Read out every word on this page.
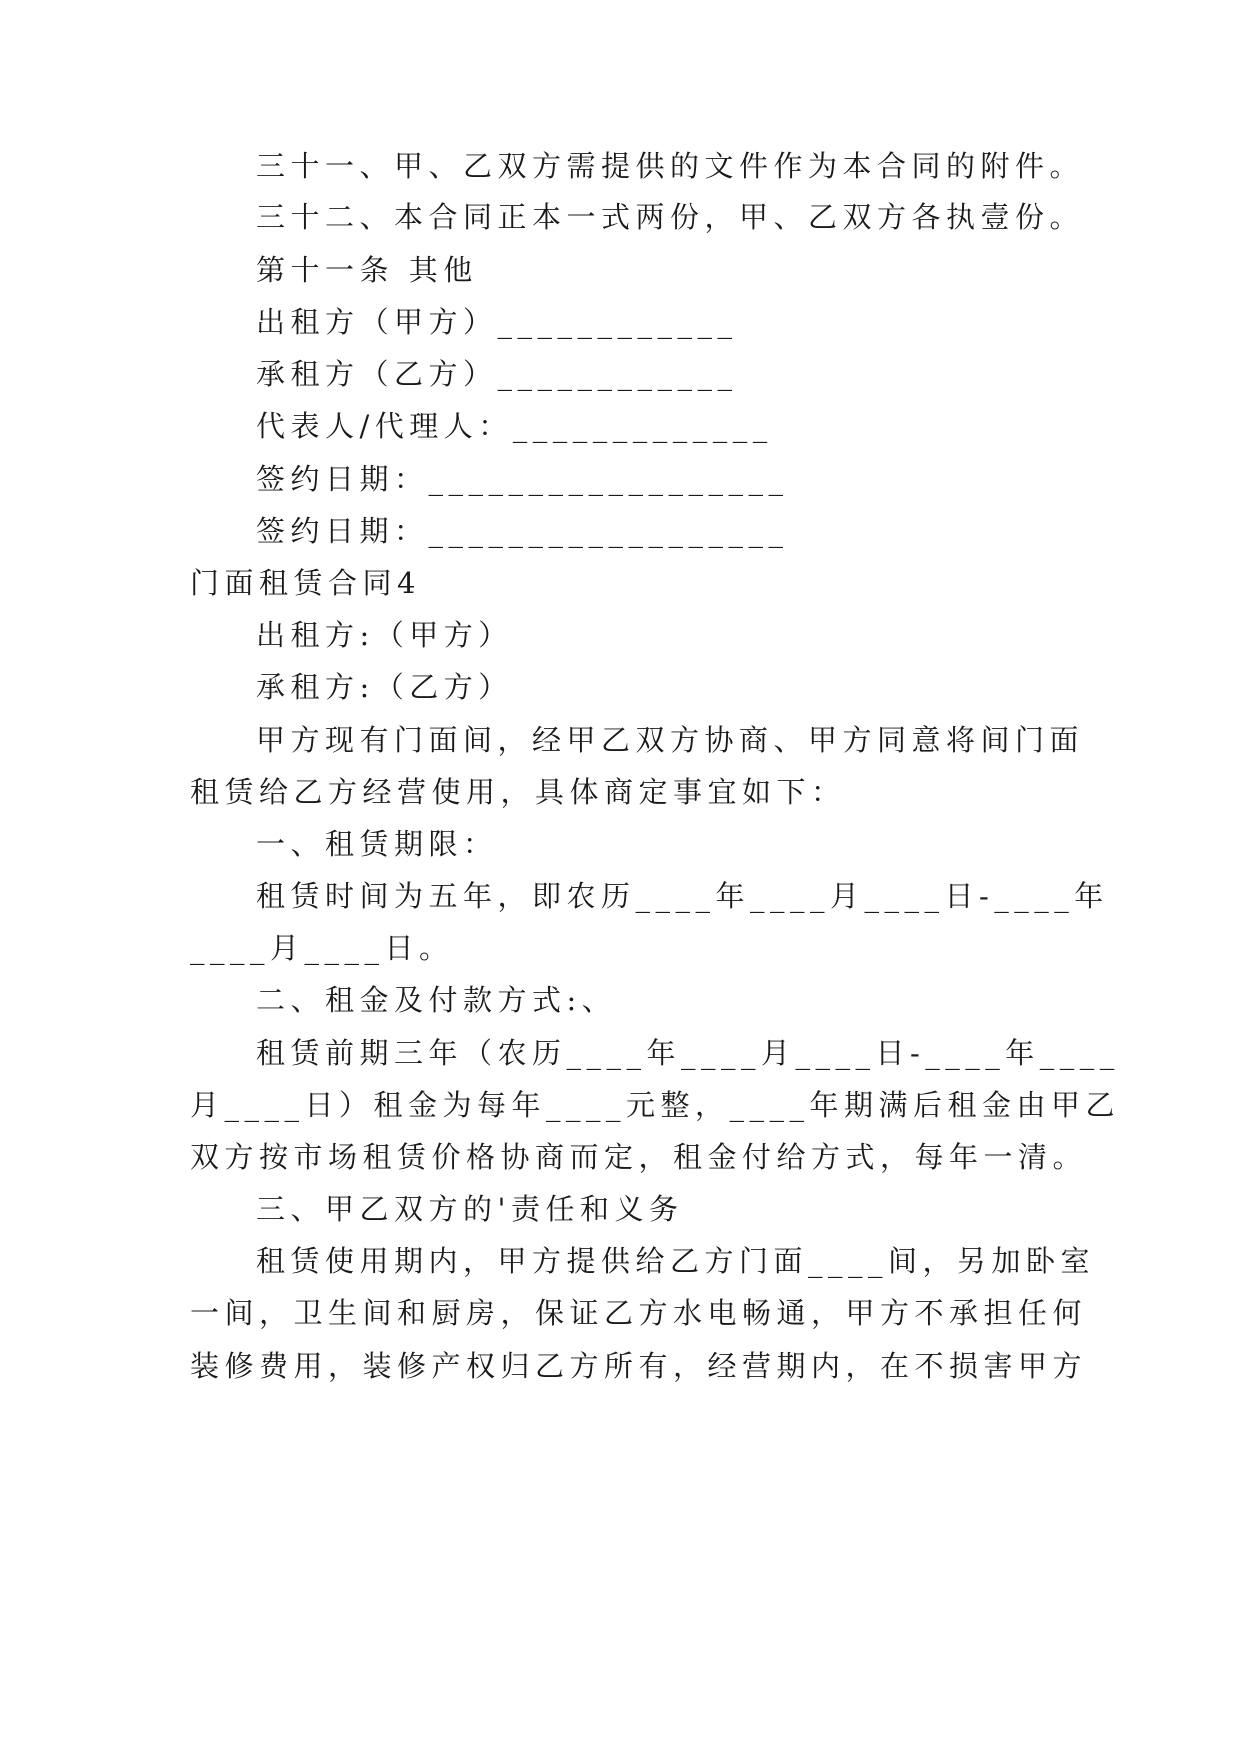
三十一、甲、乙双方需提供的文件作为本合同的附件。
三十二、本合同正本一式两份，甲、乙双方各执壹份。
第十一条 其他
出租方（甲方）____________
承租方（乙方）____________
代表人/代理人：_____________
签约日期：__________________
签约日期：__________________
门面租赁合同4
出租方:（甲方）
承租方:（乙方）
甲方现有门面间，经甲乙双方协商、甲方同意将间门面
租赁给乙方经营使用，具体商定事宜如下：
一、租赁期限：
租赁时间为五年，即农历____年____月____日-____年
____月____日。
二、租金及付款方式:、
租赁前期三年（农历____年____月____日-____年____
月____日）租金为每年____元整，____年期满后租金由甲乙
双方按市场租赁价格协商而定，租金付给方式，每年一清。
三、甲乙双方的'责任和义务
租赁使用期内，甲方提供给乙方门面____间，另加卧室
一间，卫生间和厨房，保证乙方水电畅通，甲方不承担任何
装修费用，装修产权归乙方所有，经营期内，在不损害甲方
